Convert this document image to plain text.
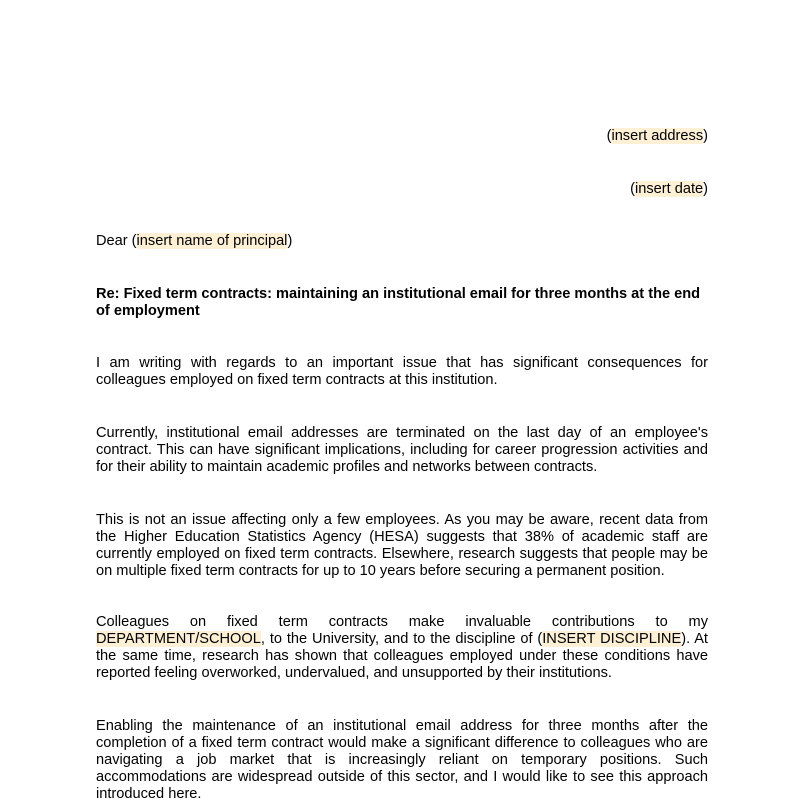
(insert address)
(insert date)
Dear (insert name of principal)
Re: Fixed term contracts: maintaining an institutional email for three months at the end of employment
I am writing with regards to an important issue that has significant consequences for colleagues employed on fixed term contracts at this institution.
Currently, institutional email addresses are terminated on the last day of an employee's contract. This can have significant implications, including for career progression activities and for their ability to maintain academic profiles and networks between contracts.
This is not an issue affecting only a few employees. As you may be aware, recent data from the Higher Education Statistics Agency (HESA) suggests that 38% of academic staff are currently employed on fixed term contracts. Elsewhere, research suggests that people may be on multiple fixed term contracts for up to 10 years before securing a permanent position.
Colleagues on fixed term contracts make invaluable contributions to my DEPARTMENT/SCHOOL, to the University, and to the discipline of (INSERT DISCIPLINE). At the same time, research has shown that colleagues employed under these conditions have reported feeling overworked, undervalued, and unsupported by their institutions.
Enabling the maintenance of an institutional email address for three months after the completion of a fixed term contract would make a significant difference to colleagues who are navigating a job market that is increasingly reliant on temporary positions. Such accommodations are widespread outside of this sector, and I would like to see this approach introduced here.
